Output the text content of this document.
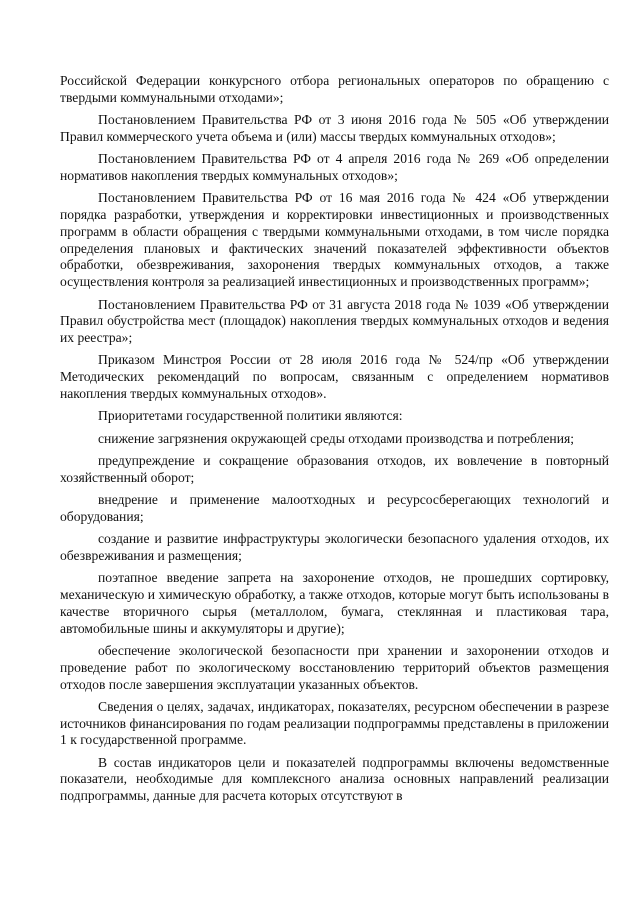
Российской Федерации конкурсного отбора региональных операторов по обращению с твердыми коммунальными отходами»;

Постановлением Правительства РФ от 3 июня 2016 года № 505 «Об утверждении Правил коммерческого учета объема и (или) массы твердых коммунальных отходов»;

Постановлением Правительства РФ от 4 апреля 2016 года № 269 «Об определении нормативов накопления твердых коммунальных отходов»;

Постановлением Правительства РФ от 16 мая 2016 года № 424 «Об утверждении порядка разработки, утверждения и корректировки инвестиционных и производственных программ в области обращения с твердыми коммунальными отходами, в том числе порядка определения плановых и фактических значений показателей эффективности объектов обработки, обезвреживания, захоронения твердых коммунальных отходов, а также осуществления контроля за реализацией инвестиционных и производственных программ»;

Постановлением Правительства РФ от 31 августа 2018 года № 1039 «Об утверждении Правил обустройства мест (площадок) накопления твердых коммунальных отходов и ведения их реестра»;

Приказом Минстроя России от 28 июля 2016 года № 524/пр «Об утверждении Методических рекомендаций по вопросам, связанным с определением нормативов накопления твердых коммунальных отходов».

Приоритетами государственной политики являются:

снижение загрязнения окружающей среды отходами производства и потребления;

предупреждение и сокращение образования отходов, их вовлечение в повторный хозяйственный оборот;

внедрение и применение малоотходных и ресурсосберегающих технологий и оборудования;

создание и развитие инфраструктуры экологически безопасного удаления отходов, их обезвреживания и размещения;

поэтапное введение запрета на захоронение отходов, не прошедших сортировку, механическую и химическую обработку, а также отходов, которые могут быть использованы в качестве вторичного сырья (металлолом, бумага, стеклянная и пластиковая тара, автомобильные шины и аккумуляторы и другие);

обеспечение экологической безопасности при хранении и захоронении отходов и проведение работ по экологическому восстановлению территорий объектов размещения отходов после завершения эксплуатации указанных объектов.

Сведения о целях, задачах, индикаторах, показателях, ресурсном обеспечении в разрезе источников финансирования по годам реализации подпрограммы представлены в приложении 1 к государственной программе.

В состав индикаторов цели и показателей подпрограммы включены ведомственные показатели, необходимые для комплексного анализа основных направлений реализации подпрограммы, данные для расчета которых отсутствуют в
